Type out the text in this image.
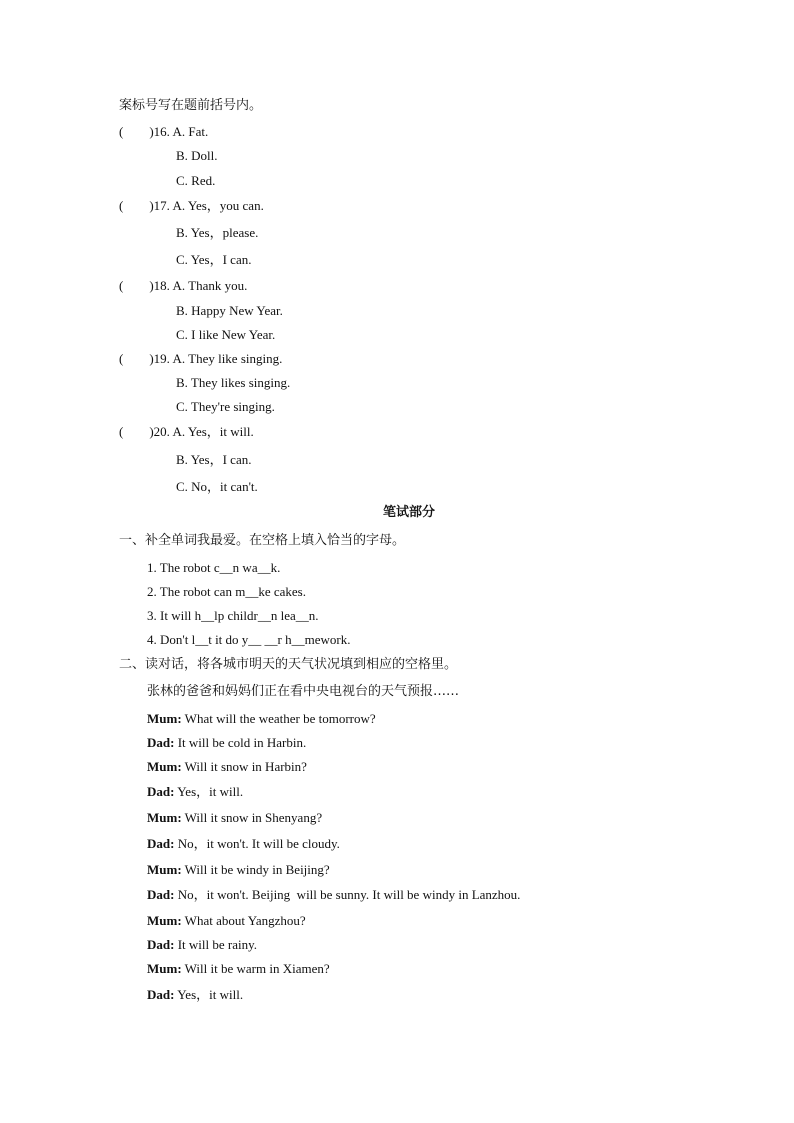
案标号写在题前括号内。
(        )16. A. Fat.
B. Doll.
C. Red.
(        )17. A. Yes，you can.
B. Yes，please.
C. Yes，I can.
(        )18. A. Thank you.
B. Happy New Year.
C. I like New Year.
(        )19. A. They like singing.
B. They likes singing.
C. They're singing.
(        )20. A. Yes，it will.
B. Yes，I can.
C. No，it can't.
笔试部分
一、补全单词我最爱。在空格上填入恰当的字母。
1. The robot c__n wa__k.
2. The robot can m__ke cakes.
3. It will h__lp childr__n lea__n.
4. Don't l__t it do y__ __r h__mework.
二、读对话，将各城市明天的天气状况填到相应的空格里。
张林的爸爸和妈妈们正在看中央电视台的天气预报……
Mum: What will the weather be tomorrow?
Dad: It will be cold in Harbin.
Mum: Will it snow in Harbin?
Dad: Yes，it will.
Mum: Will it snow in Shenyang?
Dad: No，it won't. It will be cloudy.
Mum: Will it be windy in Beijing?
Dad: No，it won't. Beijing  will be sunny. It will be windy in Lanzhou.
Mum: What about Yangzhou?
Dad: It will be rainy.
Mum: Will it be warm in Xiamen?
Dad: Yes，it will.
